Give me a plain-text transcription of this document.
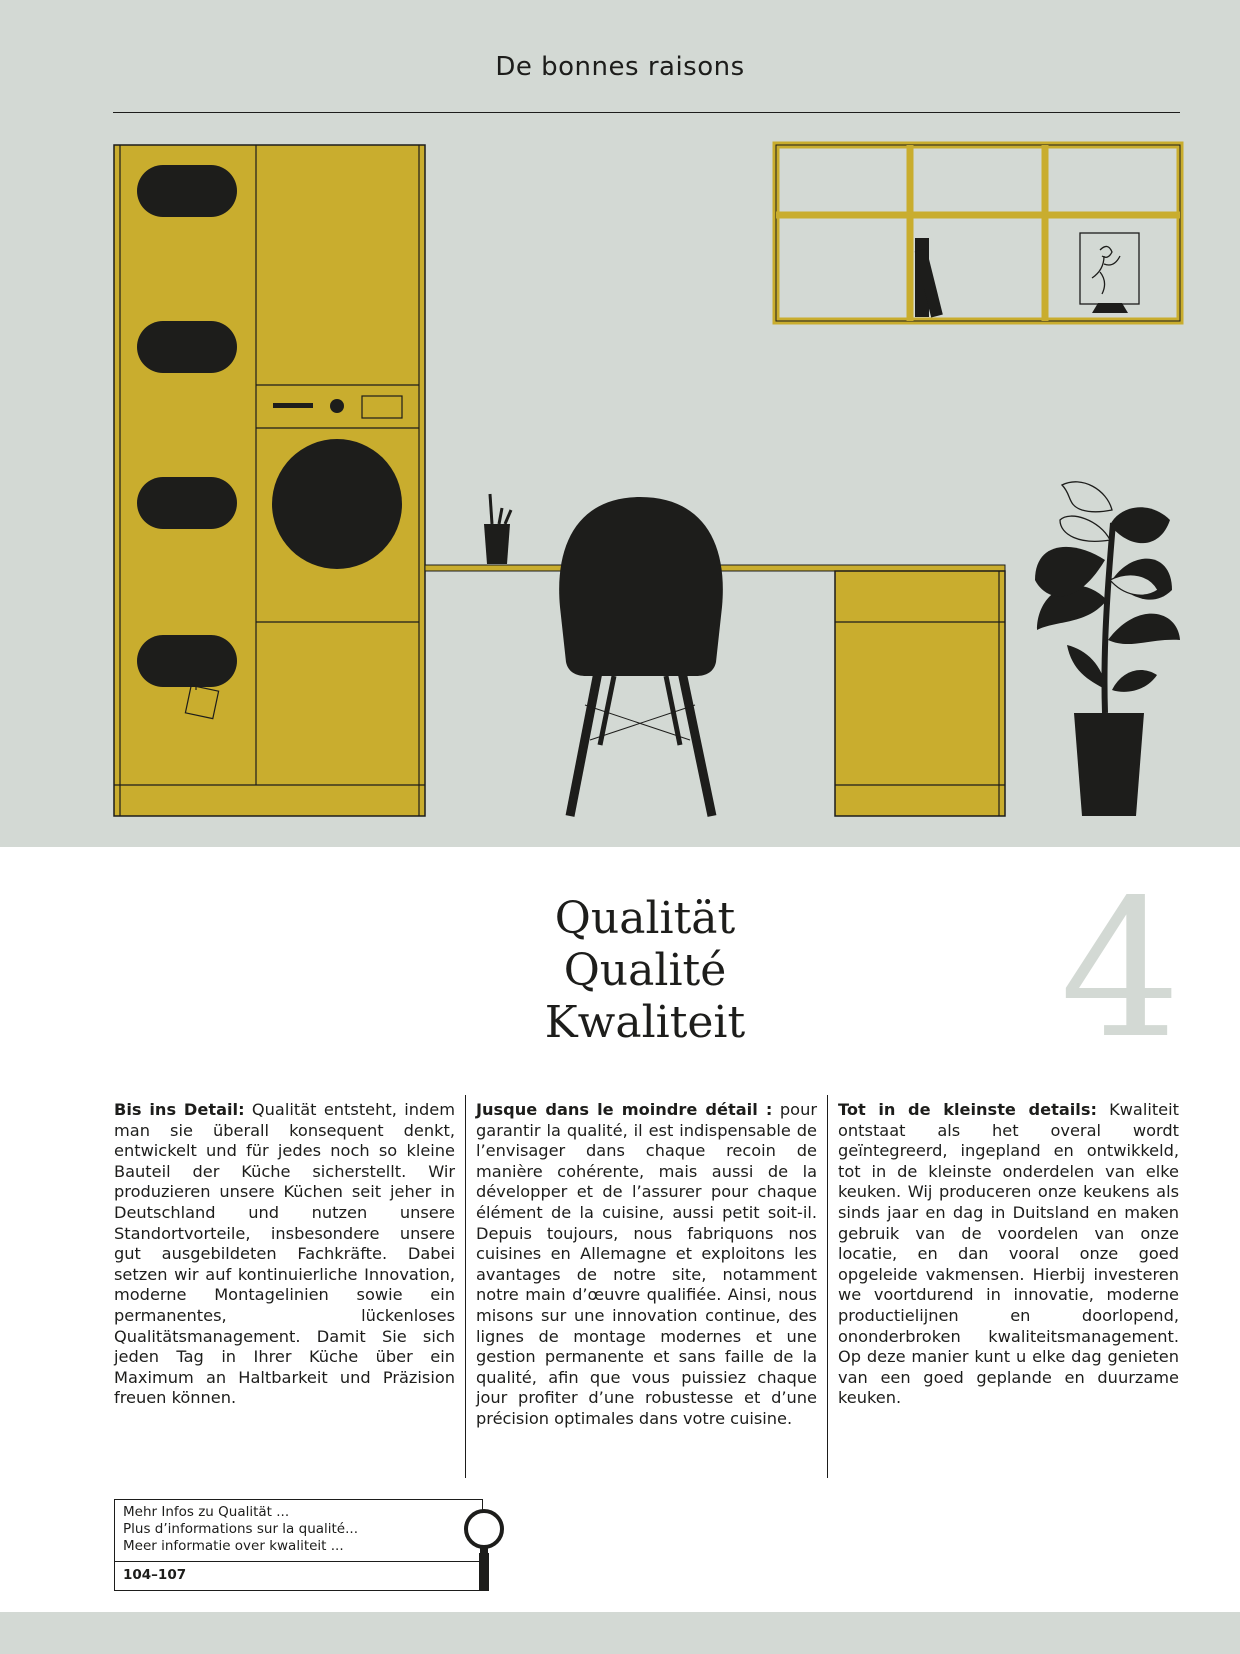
De bonnes raisons
Qualität
Qualité
Kwaliteit	4
Bis ins Detail: Qualität entsteht, indem man sie überall konsequent denkt, entwickelt und für jedes noch so kleine Bauteil der Küche sicherstellt. Wir produzieren unsere Küchen seit jeher in Deutschland und nutzen unsere Standortvorteile, insbesondere unsere gut ausgebildeten Fachkräfte. Dabei setzen wir auf kontinuierliche Innovation, moderne Montagelinien sowie ein permanentes, lückenloses Qualitätsmanagement. Damit Sie sich jeden Tag in Ihrer Küche über ein Maximum an Haltbarkeit und Präzision freuen können.
Jusque dans le moindre détail : pour garantir la qualité, il est indispensable de l’envisager dans chaque recoin de manière cohérente, mais aussi de la développer et de l’assurer pour chaque élément de la cuisine, aussi petit soit-il. Depuis toujours, nous fabriquons nos cuisines en Allemagne et exploitons les avantages de notre site, notamment notre main d’œuvre qualifiée. Ainsi, nous misons sur une innovation continue, des lignes de montage modernes et une gestion permanente et sans faille de la qualité, afin que vous puissiez chaque jour profiter d’une robustesse et d’une précision optimales dans votre cuisine.
Tot in de kleinste details: Kwaliteit ontstaat als het overal wordt geïntegreerd, ingepland en ontwikkeld, tot in de kleinste onderdelen van elke keuken. Wij produceren onze keukens als sinds jaar en dag in Duitsland en maken gebruik van de voordelen van onze locatie, en dan vooral onze goed opgeleide vakmensen. Hierbij investeren we voortdurend in innovatie, moderne productielijnen en doorlopend, ononderbroken kwaliteitsmanagement. Op deze manier kunt u elke dag genieten van een goed geplande en duurzame keuken.
Mehr Infos zu Qualität ...
Plus d’informations sur la qualité...
Meer informatie over kwaliteit ...
104–107
